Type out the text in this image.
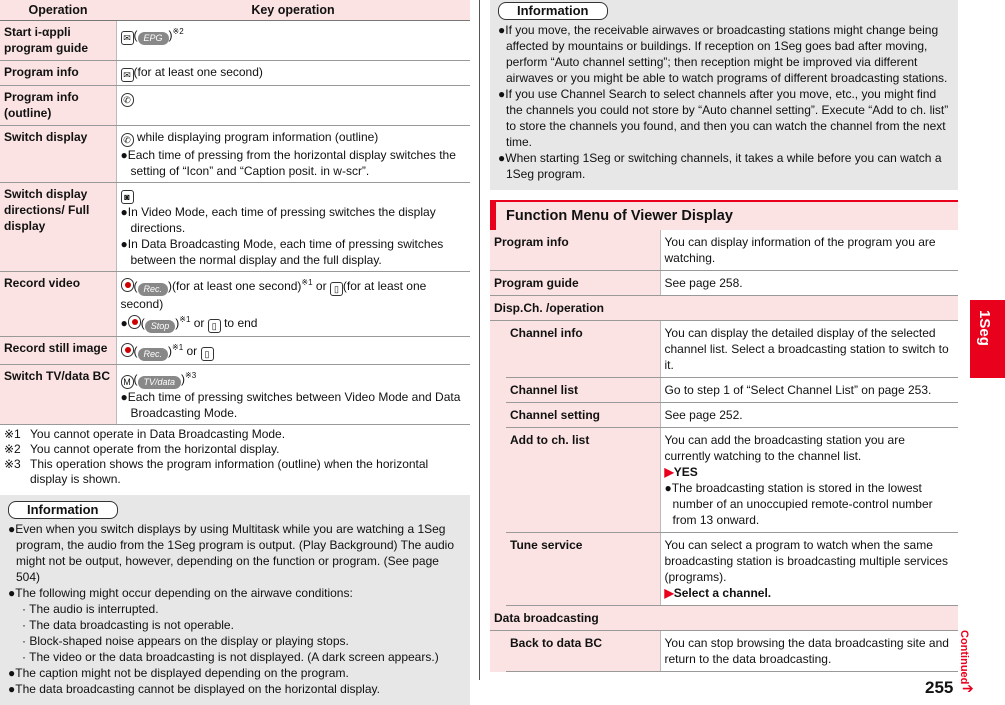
Operation	Key operation
Start i-αppli program guide	✉ ( EPG )$^{※2}$
Program info	✉ (for at least one second)
Program info (outline)	✆
Switch display	✆ while displaying program information (outline)
●Each time of pressing from the horizontal display switches the setting of “Icon” and “Caption posit. in w-scr”.

Switch display directions/ Full display	◙
●In Video Mode, each time of pressing switches the display directions.
●In Data Broadcasting Mode, each time of pressing switches between the normal display and the full display.

Record video	( Rec. )(for at least one second)$^{※1}$ or ▯ (for at least one second)
● ( Stop )$^{※1}$ or ▯ to end
Record still image	( Rec. )$^{※1}$ or ▯
Switch TV/data BC	M ( TV/data )$^{※3}$
●Each time of pressing switches between Video Mode and Data Broadcasting Mode.
※1 You cannot operate in Data Broadcasting Mode.
※2 You cannot operate from the horizontal display.
※3 This operation shows the program information (outline) when the horizontal display is shown.
Information
●Even when you switch displays by using Multitask while you are watching a 1Seg program, the audio from the 1Seg program is output. (Play Background) The audio might not be output, however, depending on the function or program. (See page 504)
●The following might occur depending on the airwave conditions:
· The audio is interrupted.
· The data broadcasting is not operable.
· Block-shaped noise appears on the display or playing stops.
· The video or the data broadcasting is not displayed. (A dark screen appears.)
●The caption might not be displayed depending on the program.
●The data broadcasting cannot be displayed on the horizontal display.
Information
●If you move, the receivable airwaves or broadcasting stations might change being affected by mountains or buildings. If reception on 1Seg goes bad after moving, perform “Auto channel setting”; then reception might be improved via different airwaves or you might be able to watch programs of different broadcasting stations.
●If you use Channel Search to select channels after you move, etc., you might find the channels you could not store by “Auto channel setting”. Execute “Add to ch. list” to store the channels you found, and then you can watch the channel from the next time.
●When starting 1Seg or switching channels, it takes a while before you can watch a 1Seg program.
Function Menu of Viewer Display
Program info		You can display information of the program you are watching.
Program guide		See page 258.
Disp.Ch. /operation		
	Channel info	You can display the detailed display of the selected channel list. Select a broadcasting station to switch to it.
	Channel list	Go to step 1 of “Select Channel List” on page 253.
	Channel setting	See page 252.
	Add to ch. list	You can add the broadcasting station you are currently watching to the channel list.
▶YES
●The broadcasting station is stored in the lowest number of an unoccupied remote-control number from 13 onward.

	Tune service	You can select a program to watch when the same broadcasting station is broadcasting multiple services (programs).
▶Select a channel.
Data broadcasting		
	Back to data BC	You can stop browsing the data broadcasting site and return to the data broadcasting.
1Seg
Continued
255 ➔
